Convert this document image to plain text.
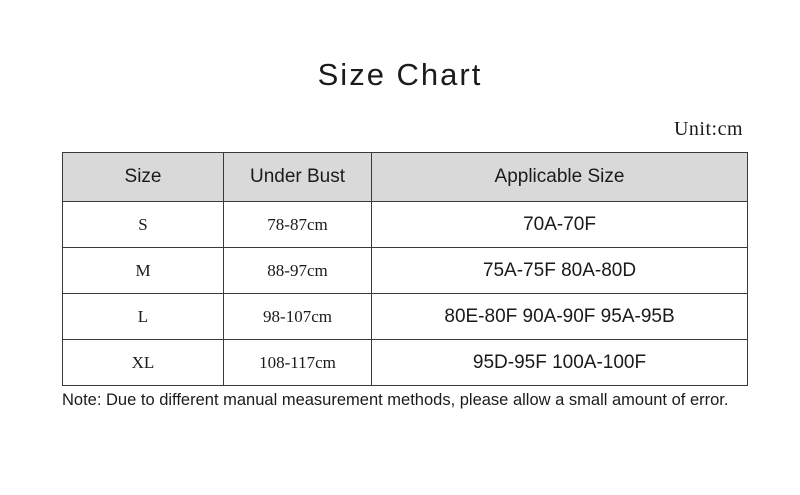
Size Chart
Unit:cm
Size	Under Bust	Applicable Size
S	78-87cm	70A-70F
M	88-97cm	75A-75F 80A-80D
L	98-107cm	80E-80F 90A-90F 95A-95B
XL	108-117cm	95D-95F 100A-100F
Note: Due to different manual measurement methods, please allow a small amount of error.
